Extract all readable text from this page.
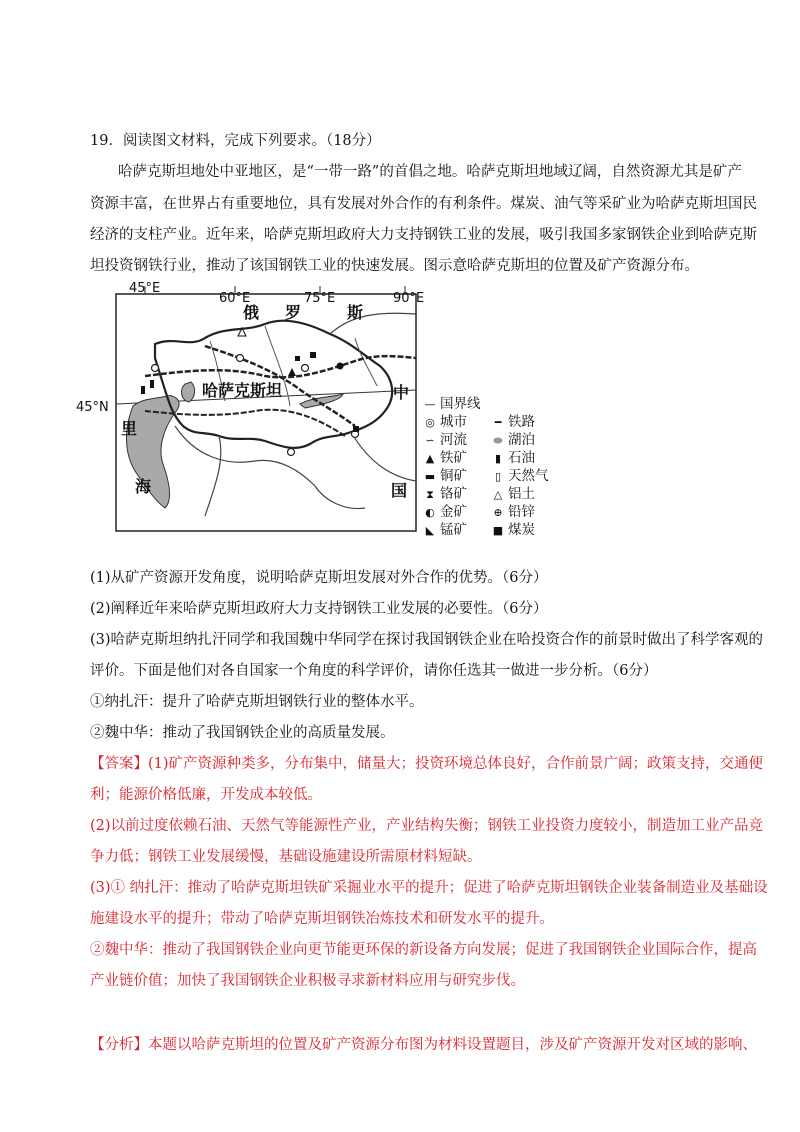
19．阅读图文材料，完成下列要求。（18分）
哈萨克斯坦地处中亚地区，是“一带一路”的首倡之地。哈萨克斯坦地域辽阔，自然资源尤其是矿产
资源丰富，在世界占有重要地位，具有发展对外合作的有利条件。煤炭、油气等采矿业为哈萨克斯坦国民
经济的支柱产业。近年来，哈萨克斯坦政府大力支持钢铁工业的发展，吸引我国多家钢铁企业到哈萨克斯
坦投资钢铁行业，推动了该国钢铁工业的快速发展。图示意哈萨克斯坦的位置及矿产资源分布。
45°E
60°E	75°E	90°E
45°N
哈萨克斯坦
俄 罗	斯
中
国
里
海
— 国界线
◎ 城市	━ 铁路
∽ 河流 ⬬ 湖泊
▲ 铁矿	▮ 石油
▬ 铜矿	▯ 天然气
⧗ 铬矿	△ 铝土
◐ 金矿	⊕ 铅锌
◣ 锰矿 ■ 煤炭
(1)从矿产资源开发角度，说明哈萨克斯坦发展对外合作的优势。（6分）
(2)阐释近年来哈萨克斯坦政府大力支持钢铁工业发展的必要性。（6分）
(3)哈萨克斯坦纳扎汗同学和我国魏中华同学在探讨我国钢铁企业在哈投资合作的前景时做出了科学客观的
评价。下面是他们对各自国家一个角度的科学评价，请你任选其一做进一步分析。（6分）
①纳扎汗：提升了哈萨克斯坦钢铁行业的整体水平。
②魏中华：推动了我国钢铁企业的高质量发展。
【答案】(1)矿产资源种类多，分布集中，储量大；投资环境总体良好，合作前景广阔；政策支持，交通便
利；能源价格低廉，开发成本较低。
(2)以前过度依赖石油、天然气等能源性产业，产业结构失衡；钢铁工业投资力度较小，制造加工业产品竞
争力低；钢铁工业发展缓慢，基础设施建设所需原材料短缺。
(3)① 纳扎汗：推动了哈萨克斯坦铁矿采掘业水平的提升；促进了哈萨克斯坦钢铁企业装备制造业及基础设
施建设水平的提升；带动了哈萨克斯坦钢铁冶炼技术和研发水平的提升。
②魏中华：推动了我国钢铁企业向更节能更环保的新设备方向发展；促进了我国钢铁企业国际合作，提高
产业链价值；加快了我国钢铁企业积极寻求新材料应用与研究步伐。
【分析】本题以哈萨克斯坦的位置及矿产资源分布图为材料设置题目，涉及矿产资源开发对区域的影响、
